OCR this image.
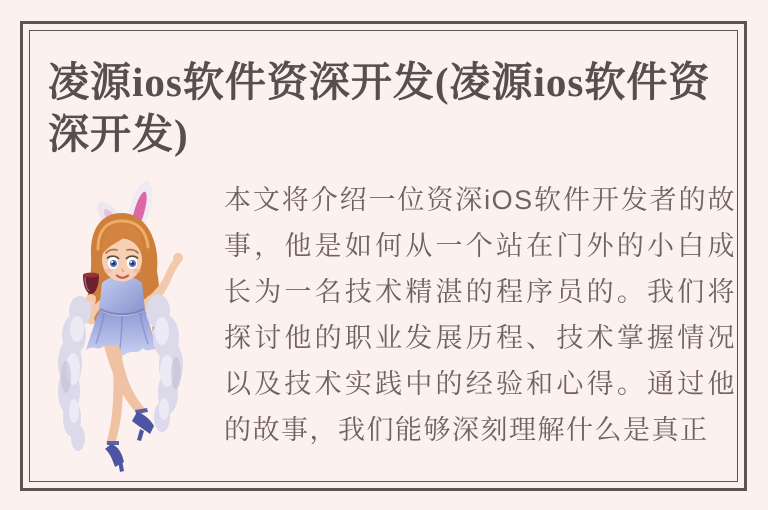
凌源ios软件资深开发(凌源ios软件资深开发)

本文将介绍一位资深iOS软件开发者的故事，他是如何从一个站在门外的小白成长为一名技术精湛的程序员的。我们将探讨他的职业发展历程、技术掌握情况以及技术实践中的经验和心得。通过他的故事，我们能够深刻理解什么是真正
